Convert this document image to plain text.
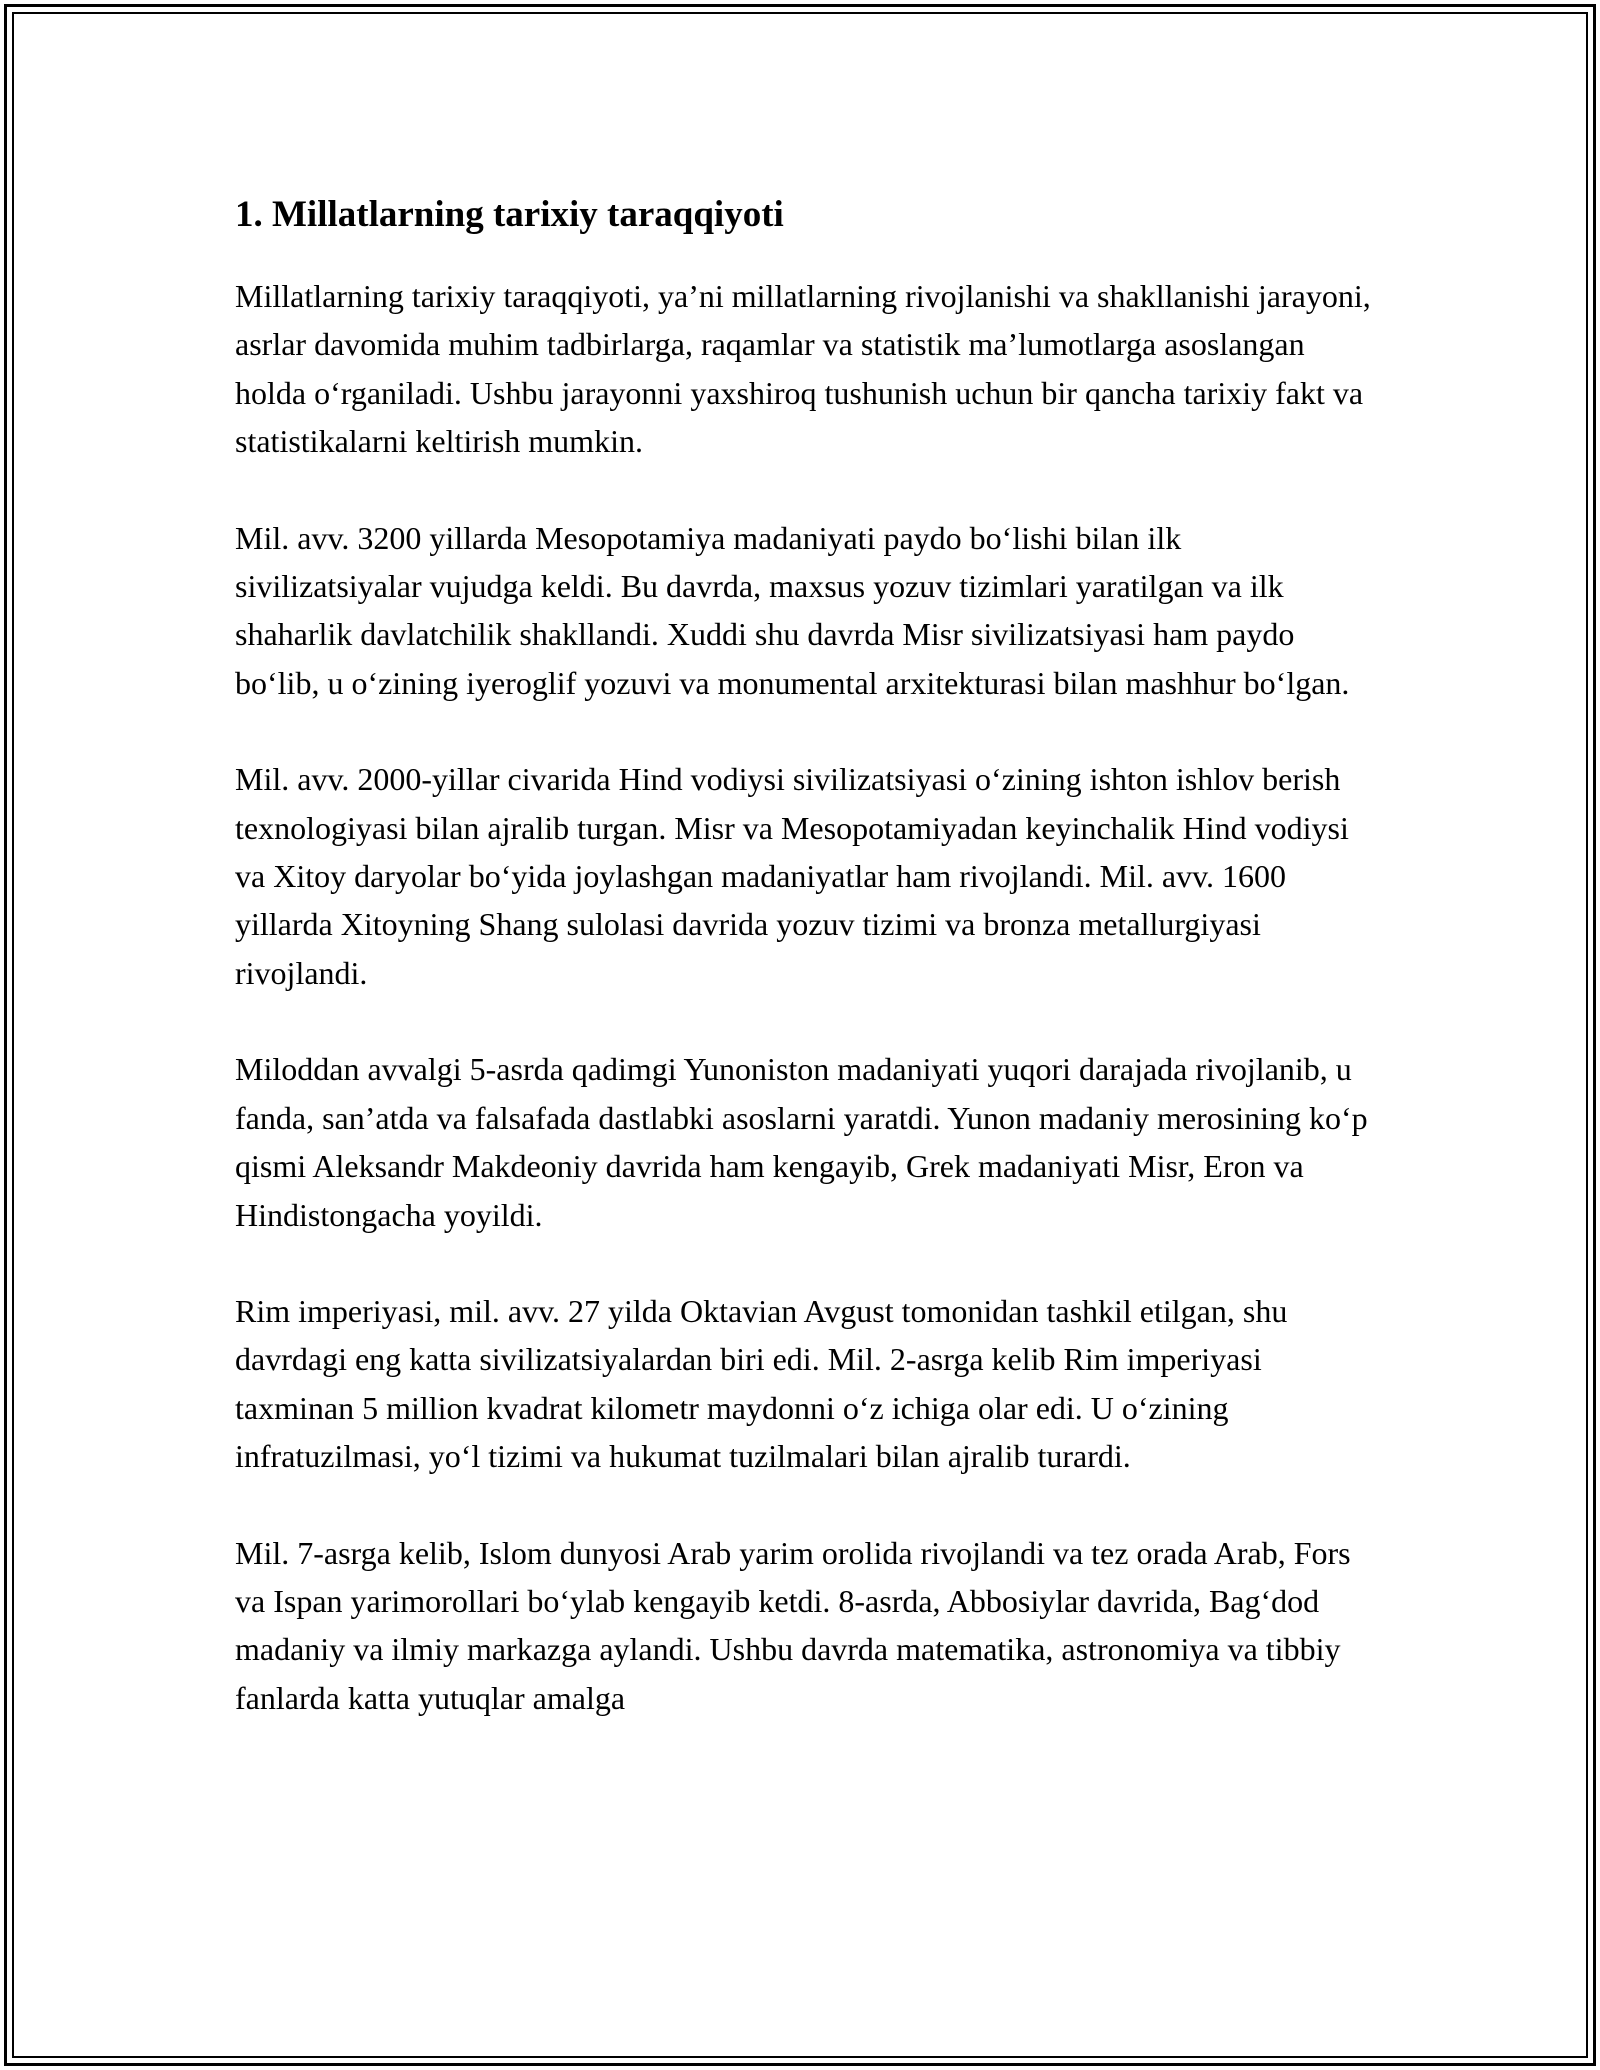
1. Millatlarning tarixiy taraqqiyoti

Millatlarning tarixiy taraqqiyoti, ya’ni millatlarning rivojlanishi va shakllanishi jarayoni, asrlar davomida muhim tadbirlarga, raqamlar va statistik ma’lumotlarga asoslangan holda o‘rganiladi. Ushbu jarayonni yaxshiroq tushunish uchun bir qancha tarixiy fakt va statistikalarni keltirish mumkin.

Mil. avv. 3200 yillarda Mesopotamiya madaniyati paydo bo‘lishi bilan ilk sivilizatsiyalar vujudga keldi. Bu davrda, maxsus yozuv tizimlari yaratilgan va ilk shaharlik davlatchilik shakllandi. Xuddi shu davrda Misr sivilizatsiyasi ham paydo bo‘lib, u o‘zining iyeroglif yozuvi va monumental arxitekturasi bilan mashhur bo‘lgan.

Mil. avv. 2000-yillar civarida Hind vodiysi sivilizatsiyasi o‘zining ishton ishlov berish texnologiyasi bilan ajralib turgan. Misr va Mesopotamiyadan keyinchalik Hind vodiysi va Xitoy daryolar bo‘yida joylashgan madaniyatlar ham rivojlandi. Mil. avv. 1600 yillarda Xitoyning Shang sulolasi davrida yozuv tizimi va bronza metallurgiyasi rivojlandi.

Miloddan avvalgi 5-asrda qadimgi Yunoniston madaniyati yuqori darajada rivojlanib, u fanda, san’atda va falsafada dastlabki asoslarni yaratdi. Yunon madaniy merosining ko‘p qismi Aleksandr Makdeoniy davrida ham kengayib, Grek madaniyati Misr, Eron va Hindistongacha yoyildi.

Rim imperiyasi, mil. avv. 27 yilda Oktavian Avgust tomonidan tashkil etilgan, shu davrdagi eng katta sivilizatsiyalardan biri edi. Mil. 2-asrga kelib Rim imperiyasi taxminan 5 million kvadrat kilometr maydonni o‘z ichiga olar edi. U o‘zining infratuzilmasi, yo‘l tizimi va hukumat tuzilmalari bilan ajralib turardi.

Mil. 7-asrga kelib, Islom dunyosi Arab yarim orolida rivojlandi va tez orada Arab, Fors va Ispan yarimorollari bo‘ylab kengayib ketdi. 8-asrda, Abbosiylar davrida, Bag‘dod madaniy va ilmiy markazga aylandi. Ushbu davrda matematika, astronomiya va tibbiy fanlarda katta yutuqlar amalga
